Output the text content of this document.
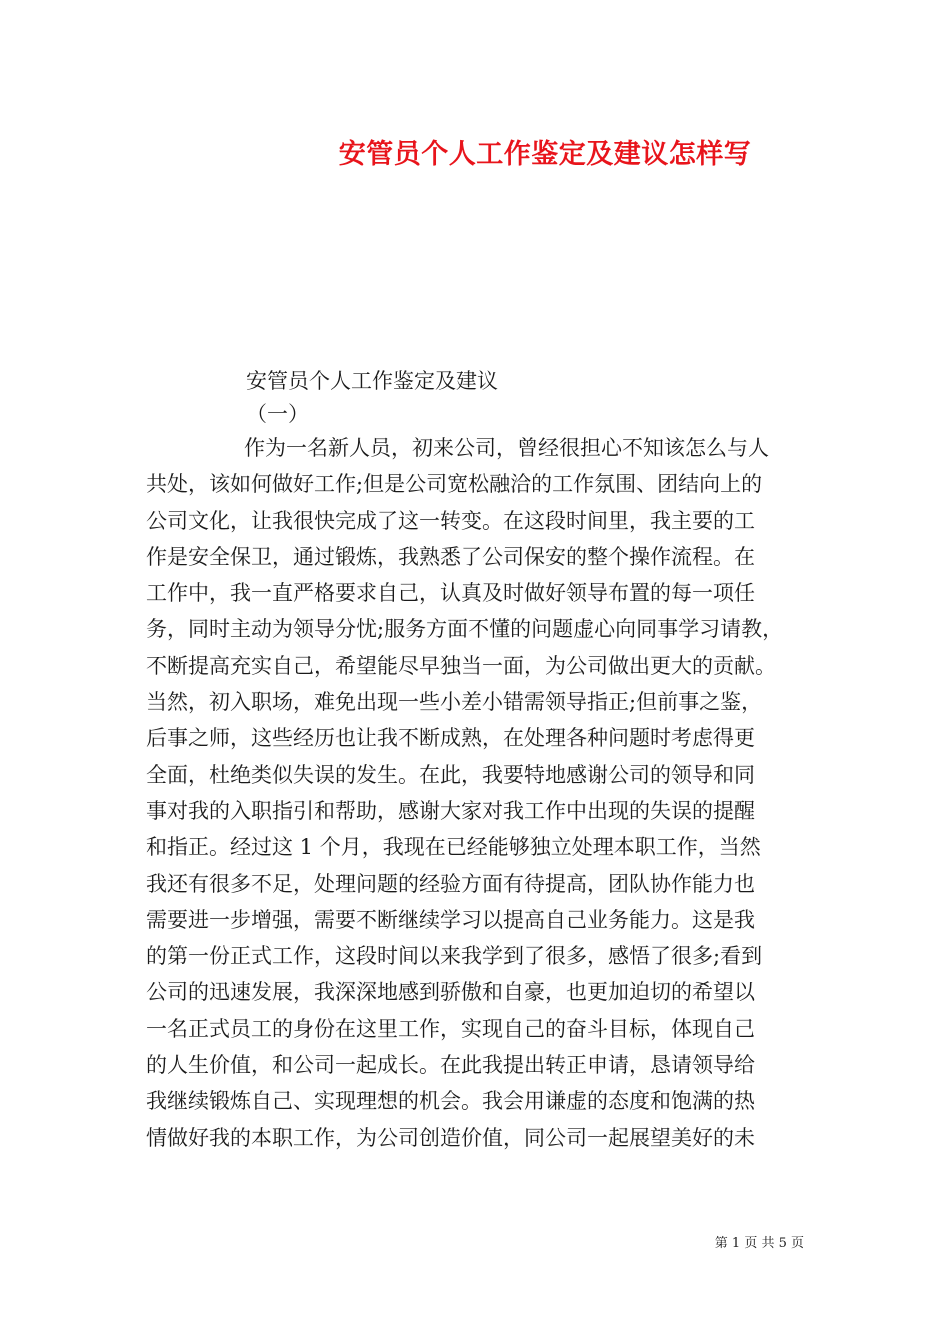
安管员个人工作鉴定及建议怎样写
安管员个人工作鉴定及建议
（一）
作为一名新人员，初来公司，曾经很担心不知该怎么与人
共处，该如何做好工作;但是公司宽松融洽的工作氛围、团结向上的
公司文化，让我很快完成了这一转变。在这段时间里，我主要的工
作是安全保卫，通过锻炼，我熟悉了公司保安的整个操作流程。在
工作中，我一直严格要求自己，认真及时做好领导布置的每一项任
务，同时主动为领导分忧;服务方面不懂的问题虚心向同事学习请教，
不断提高充实自己，希望能尽早独当一面，为公司做出更大的贡献。
当然，初入职场，难免出现一些小差小错需领导指正;但前事之鉴，
后事之师，这些经历也让我不断成熟，在处理各种问题时考虑得更
全面，杜绝类似失误的发生。在此，我要特地感谢公司的领导和同
事对我的入职指引和帮助，感谢大家对我工作中出现的失误的提醒
和指正。经过这 1 个月，我现在已经能够独立处理本职工作，当然
我还有很多不足，处理问题的经验方面有待提高，团队协作能力也
需要进一步增强，需要不断继续学习以提高自己业务能力。这是我
的第一份正式工作，这段时间以来我学到了很多，感悟了很多;看到
公司的迅速发展，我深深地感到骄傲和自豪，也更加迫切的希望以
一名正式员工的身份在这里工作，实现自己的奋斗目标，体现自己
的人生价值，和公司一起成长。在此我提出转正申请，恳请领导给
我继续锻炼自己、实现理想的机会。我会用谦虚的态度和饱满的热
情做好我的本职工作，为公司创造价值，同公司一起展望美好的未
第 1 页 共 5 页
